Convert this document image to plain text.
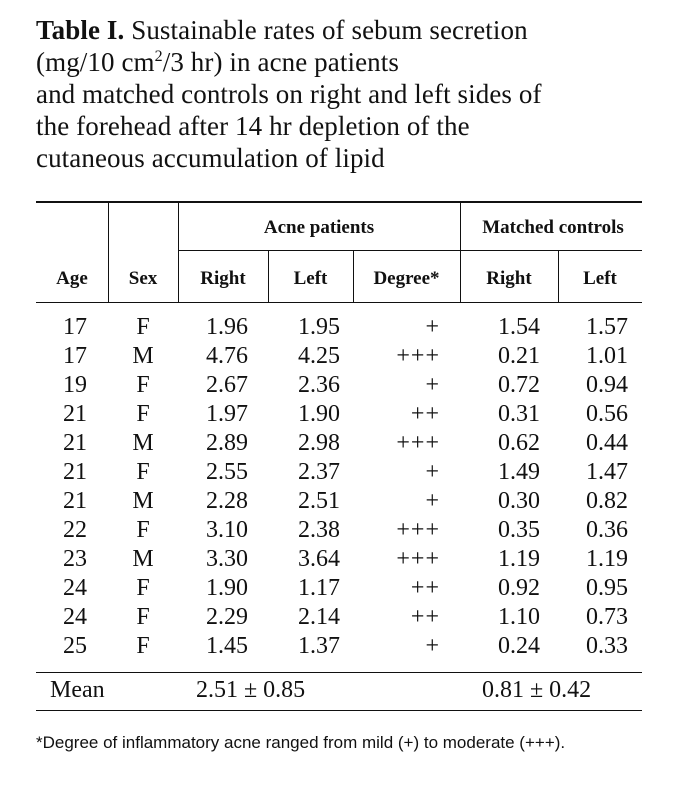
Table I. Sustainable rates of sebum secretion
(mg/10 $cm^2/3$ hr) in acne patients
and matched controls on right and left sides of
the forehead after 14 hr depletion of the
cutaneous accumulation of lipid
Acne patients	Matched controls
Age	Sex	Right	Left	Degree*	Right	Left
17	F	1.96	1.95	+	1.54	1.57
17 M	4.76	4.25	+++	0.21	1.01
19	F	2.67	2.36	+	0.72	0.94
21	F	1.97	1.90	++	0.31	0.56
21 M	2.89	2.98	+++	0.62	0.44
21	F	2.55	2.37	+	1.49	1.47
21 M	2.28	2.51	+	0.30	0.82
22	F	3.10	2.38	+++	0.35	0.36
23 M	3.30	3.64	+++	1.19	1.19
24	F	1.90	1.17	++	0.92	0.95
24	F	2.29	2.14	++	1.10	0.73
25	F	1.45	1.37	+	0.24	0.33
Mean	2.51 ± 0.85	0.81 ± 0.42
*Degree of inflammatory acne ranged from mild (+) to moderate (+++).
